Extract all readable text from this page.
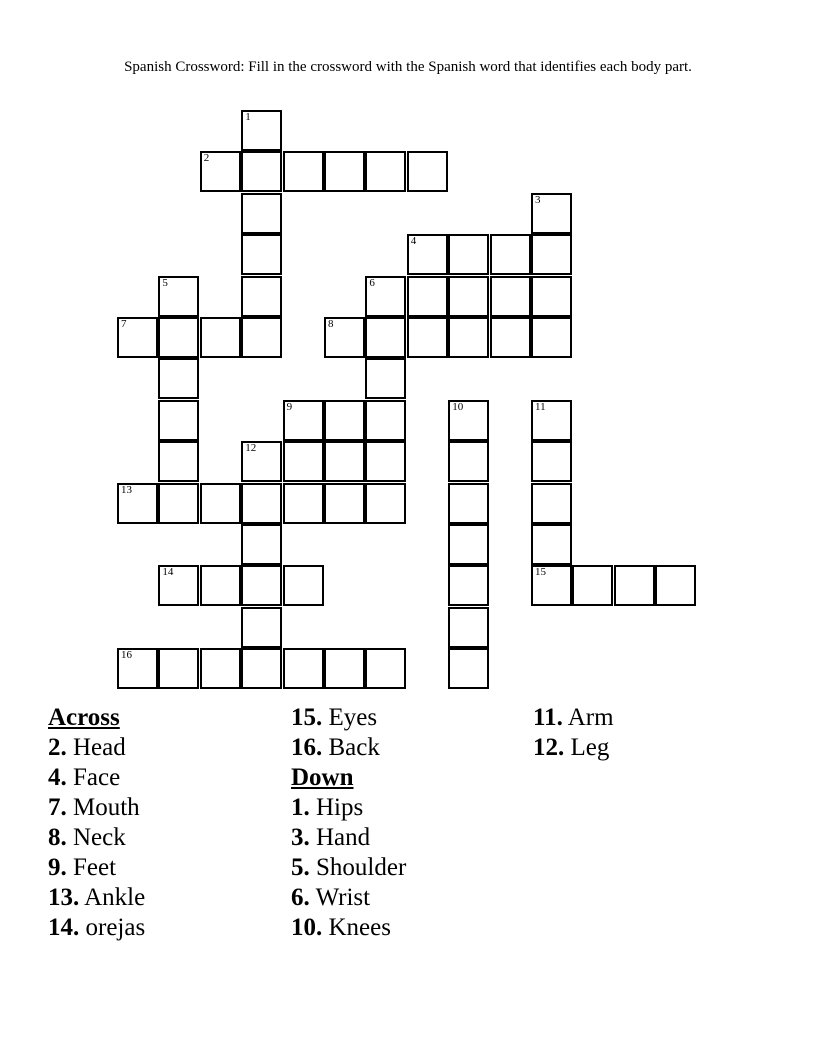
Spanish Crossword: Fill in the crossword with the Spanish word that identifies each body part.
1
2
3
4
5	6
7	8
9	10	11
15
12
13
14
16
Across
2. Head
4. Face
7. Mouth
8. Neck
9. Feet
13. Ankle
14. orejas
15. Eyes
16. Back
Down
1. Hips
3. Hand
5. Shoulder
6. Wrist
10. Knees
11. Arm
12. Leg
